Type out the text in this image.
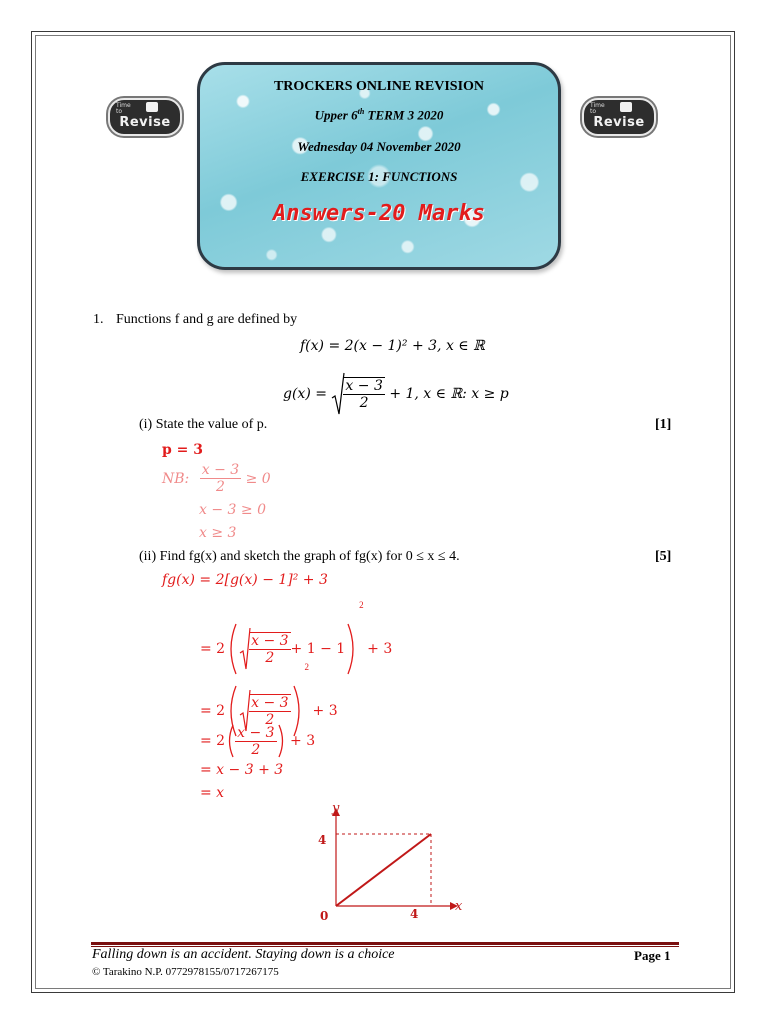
Time
to
Revise
Time
to
Revise
TROCKERS ONLINE REVISION
Upper 6th TERM 3 2020
Wednesday 04 November 2020
EXERCISE 1: FUNCTIONS
Answers-20 Marks
1. Functions f and g are defined by
f(x) = 2(x − 1)² + 3, x ∈ ℝ
$g(x) = \frac{x - 3}{2} + 1$, x ∈ ℝ: x ≥ p
(i) State the value of p.	[1]
p = 3
NB: $\frac{x - 3}{2} \ge 0$
x − 3 ≥ 0
x ≥ 3
(ii) Find fg(x) and sketch the graph of fg(x) for 0 ≤ x ≤ 4.	[5]
fg(x) = 2[g(x) − 1]² + 3
= $2 \frac{x - 3}{2} + 1 - 1^2 + 3$
= $2 \frac{x - 3}{2}$
$^2$ + 3
= $2 \frac{x - 3}{2} + 3$
= x − 3 + 3
= x
x
y
0	4
4
Falling down is an accident. Staying down is a choice	Page 1
© Tarakino N.P. 0772978155/0717267175
